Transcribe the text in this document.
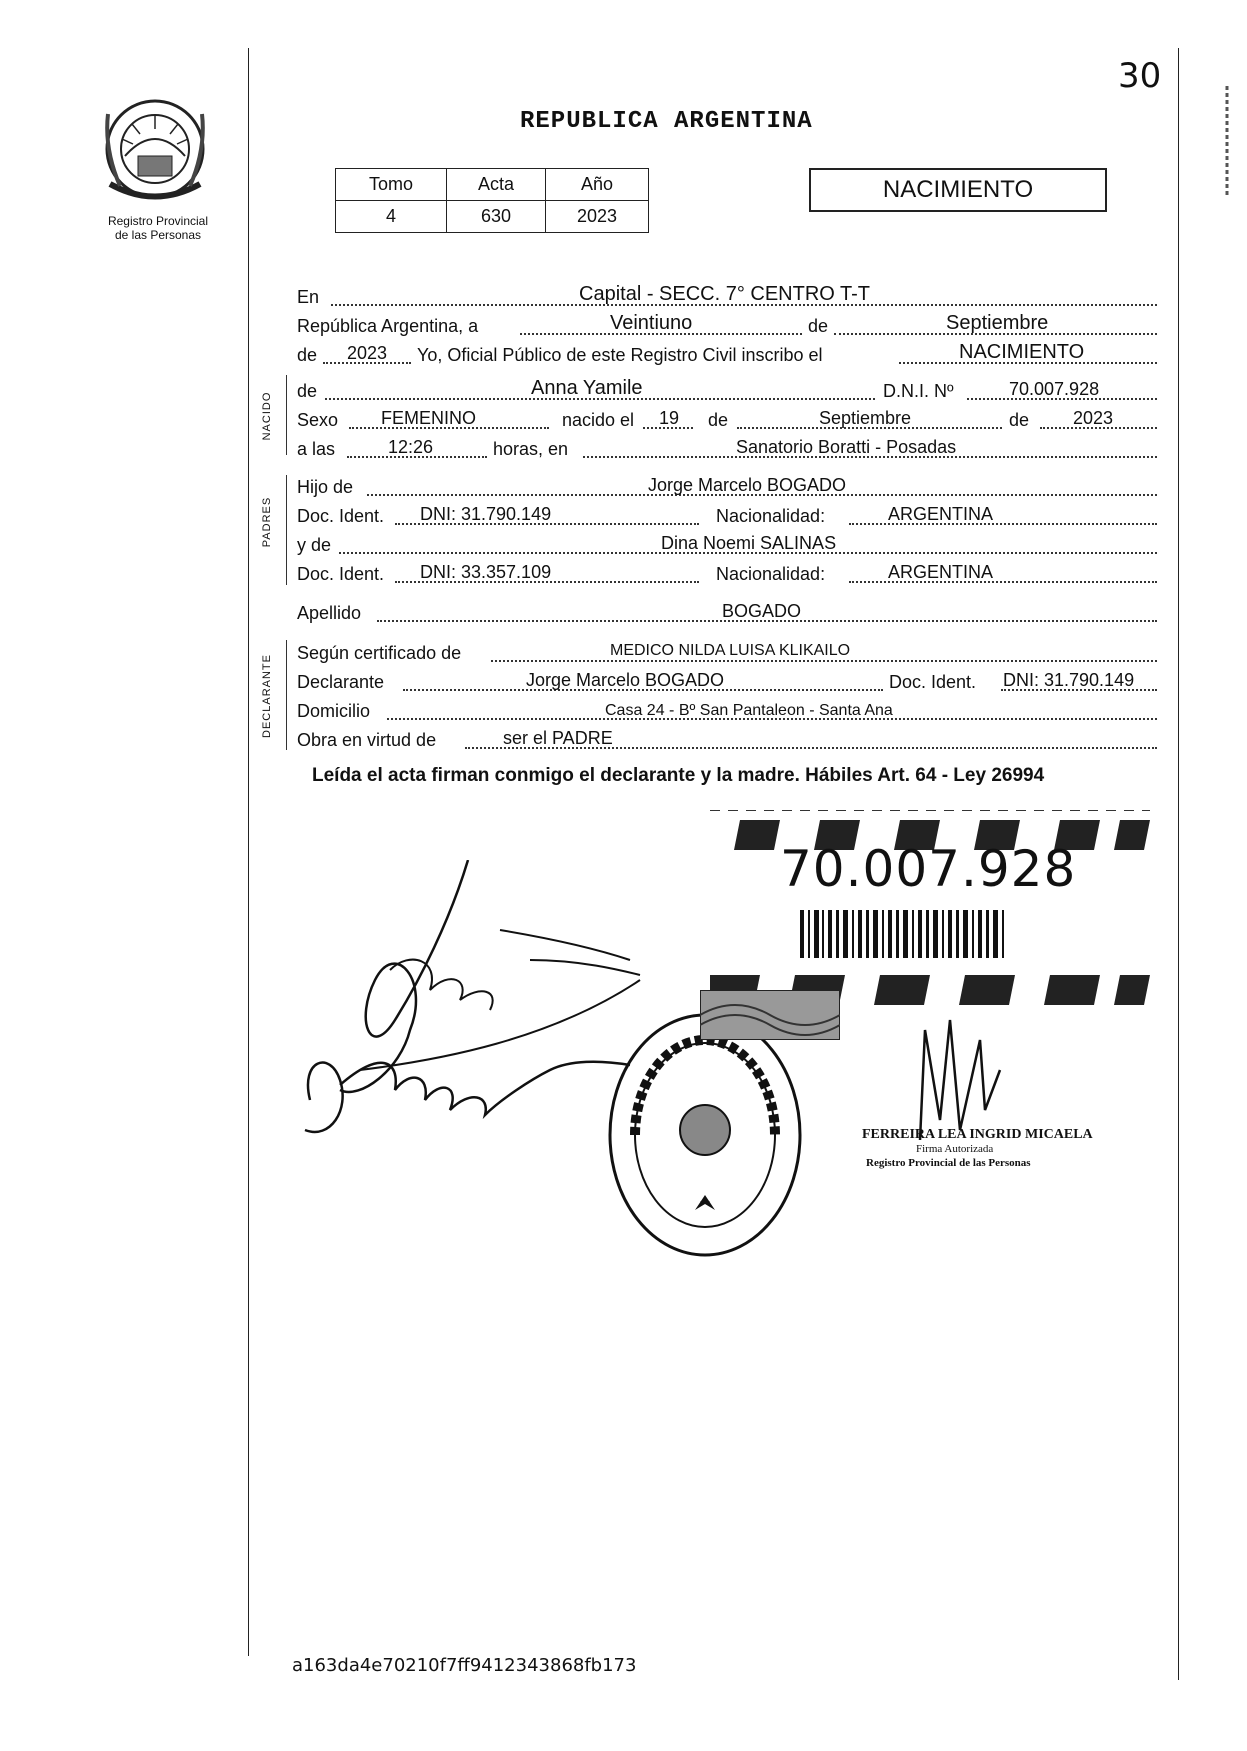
30
Registro Provincial
de las Personas
REPUBLICA ARGENTINA
Tomo	Acta	Año
4	630	2023
NACIMIENTO
NACIDO
PADRES
DECLARANTE
En	Capital - SECC. 7° CENTRO T-T
República Argentina, a	Veintiuno	de	Septiembre
de 2023 Yo, Oficial Público de este Registro Civil inscribo el	NACIMIENTO
de	Anna Yamile	D.N.I. Nº	70.007.928
Sexo FEMENINO	nacido el 19 de	Septiembre	de 2023
a las	12:26	horas, en	Sanatorio Boratti - Posadas
Hijo de	Jorge Marcelo BOGADO
Doc. Ident. DNI: 31.790.149	Nacionalidad:	ARGENTINA
y de	Dina Noemi SALINAS
Doc. Ident. DNI: 33.357.109	Nacionalidad:	ARGENTINA
Apellido	BOGADO
Según certificado de	MEDICO NILDA LUISA KLIKAILO
Declarante	Jorge Marcelo BOGADO	Doc. Ident. DNI: 31.790.149
Domicilio	Casa 24 - Bº San Pantaleon - Santa Ana
Obra en virtud de	ser el PADRE
Leída el acta firman conmigo el declarante y la madre. Hábiles Art. 64 - Ley 26994
70.007.928
FERREIRA LEA INGRID MICAELA
Firma Autorizada
Registro Provincial de las Personas
a163da4e70210f7ff9412343868fb173
